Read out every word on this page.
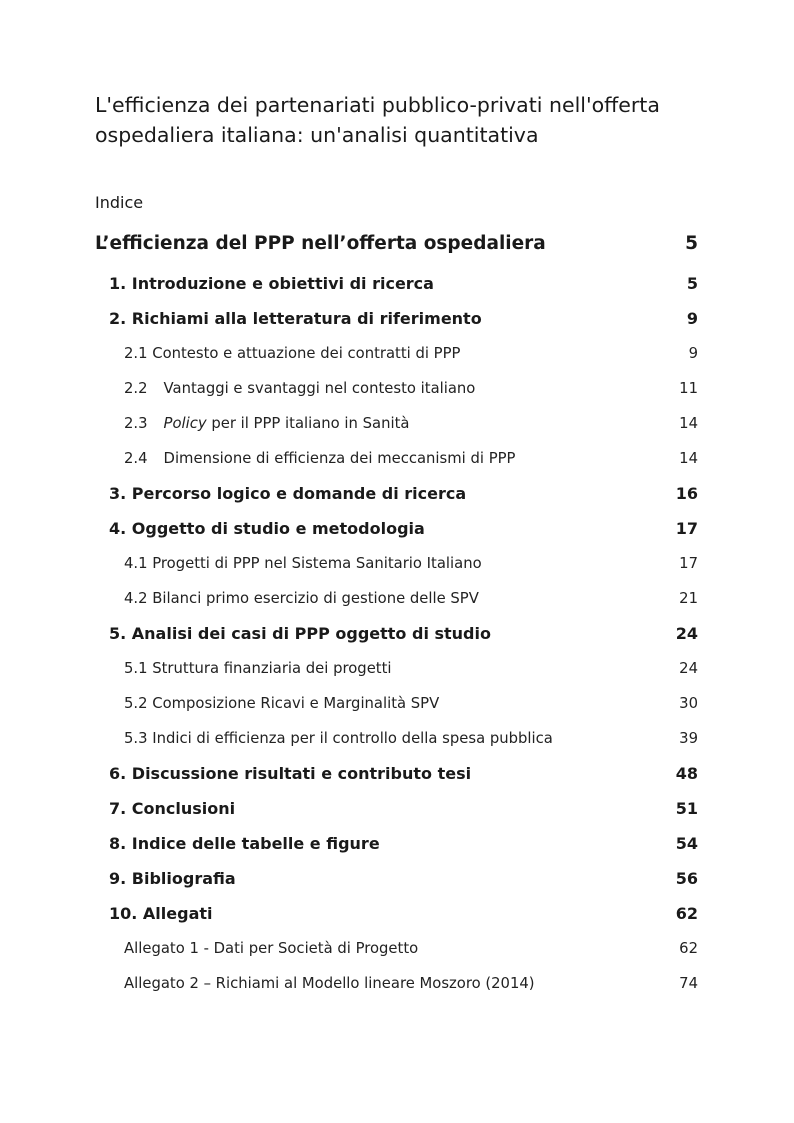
L'efficienza dei partenariati pubblico-privati nell'offerta
ospedaliera italiana: un'analisi quantitativa

Indice

L’efficienza del PPP nell’offerta ospedaliera	5
1. Introduzione e obiettivi di ricerca	5
2. Richiami alla letteratura di riferimento	9
2.1 Contesto e attuazione dei contratti di PPP	9
2.2 Vantaggi e svantaggi nel contesto italiano	11
2.3 Policy per il PPP italiano in Sanità	14
2.4 Dimensione di efficienza dei meccanismi di PPP	14
3. Percorso logico e domande di ricerca	16
4. Oggetto di studio e metodologia	17
4.1 Progetti di PPP nel Sistema Sanitario Italiano	17
4.2 Bilanci primo esercizio di gestione delle SPV	21
5. Analisi dei casi di PPP oggetto di studio	24
5.1 Struttura finanziaria dei progetti	24
5.2 Composizione Ricavi e Marginalità SPV	30
5.3 Indici di efficienza per il controllo della spesa pubblica	39
6. Discussione risultati e contributo tesi	48
7. Conclusioni	51
8. Indice delle tabelle e figure	54
9. Bibliografia	56
10. Allegati	62
Allegato 1 - Dati per Società di Progetto	62
Allegato 2 – Richiami al Modello lineare Moszoro (2014)	74
